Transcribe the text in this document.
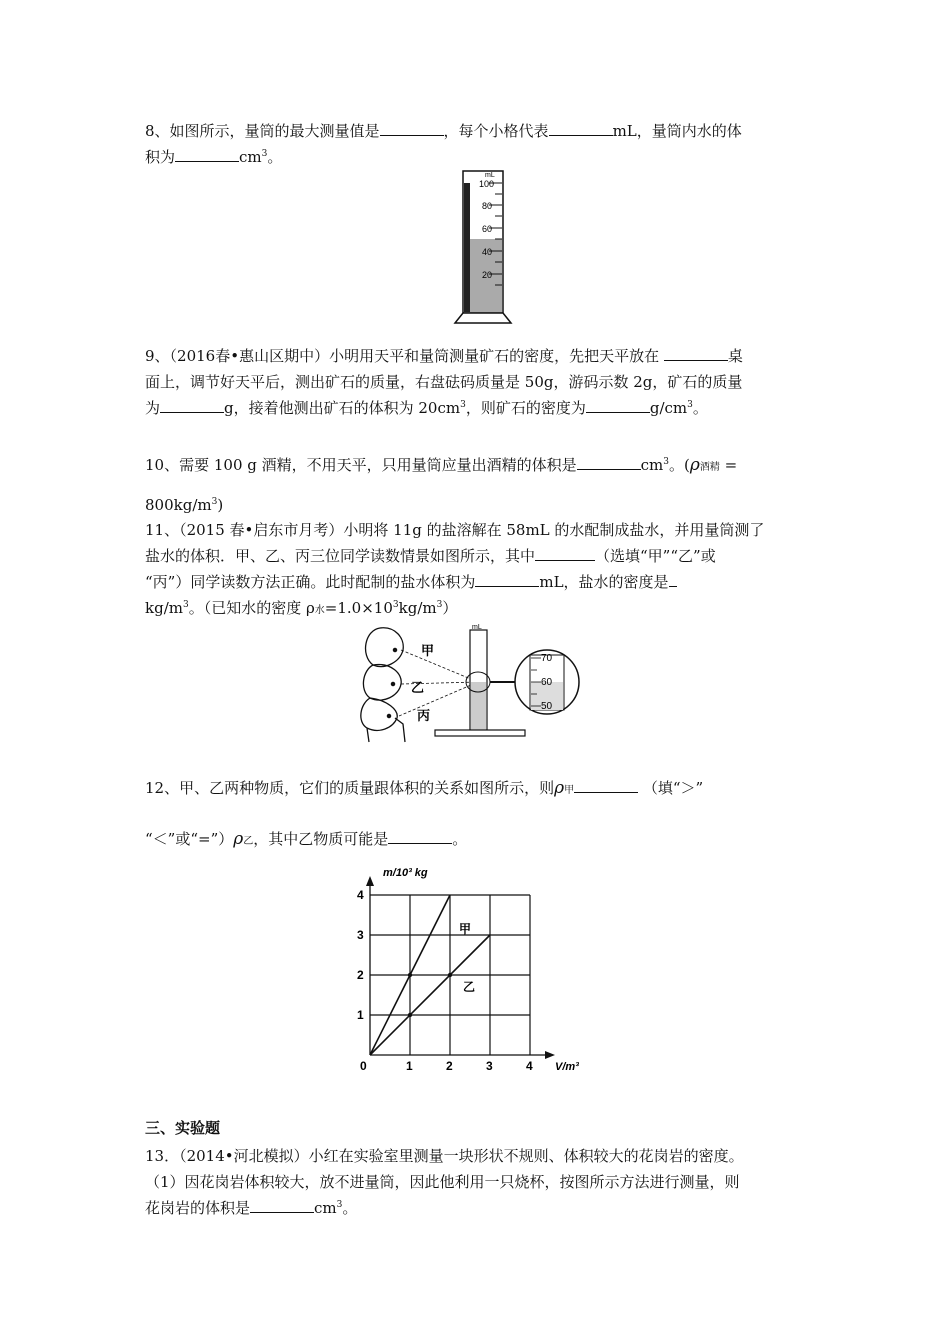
8、如图所示，量筒的最大测量值是	，每个小格代表	mL，量筒内水的体
积为	$cm^3$。

mL
100
80
60
40
20

9、（2016春•惠山区期中）小明用天平和量筒测量矿石的密度，先把天平放在	桌
面上，调节好天平后，测出矿石的质量，右盘砝码质量是 50g，游码示数 2g，矿石的质量
为	g，接着他测出矿石的体积为 $20cm^3$，则矿石的密度为	$g/cm^3$。

10、需要 100 g 酒精，不用天平，只用量筒应量出酒精的体积是	$cm^3$。(ρ酒精 =

$800kg/m^3$)

11、（2015 春•启东市月考）小明将 11g 的盐溶解在 58mL 的水配制成盐水，并用量筒测了
盐水的体积．甲、乙、丙三位同学读数情景如图所示，其中	（选填“甲”“乙”或
“丙”）同学读数方法正确。此时配制的盐水体积为	mL，盐水的密度是
$kg/m^3$。（已知水的密度 ρ水$=1.0\times 10^3kg/m^3$）

甲
乙
丙
mL
70
60
50

12、甲、乙两种物质，它们的质量跟体积的关系如图所示，则ρ甲	（填“＞”

“＜”或“=”）ρ乙，其中乙物质可能是	。

m/10³ kg
V/m³
0	1	2	3	4
1
2
3
4
甲
乙

三、实验题

13．（2014•河北模拟）小红在实验室里测量一块形状不规则、体积较大的花岗岩的密度。
（1）因花岗岩体积较大，放不进量筒，因此他利用一只烧杯，按图所示方法进行测量，则
花岗岩的体积是	$cm^3$。
